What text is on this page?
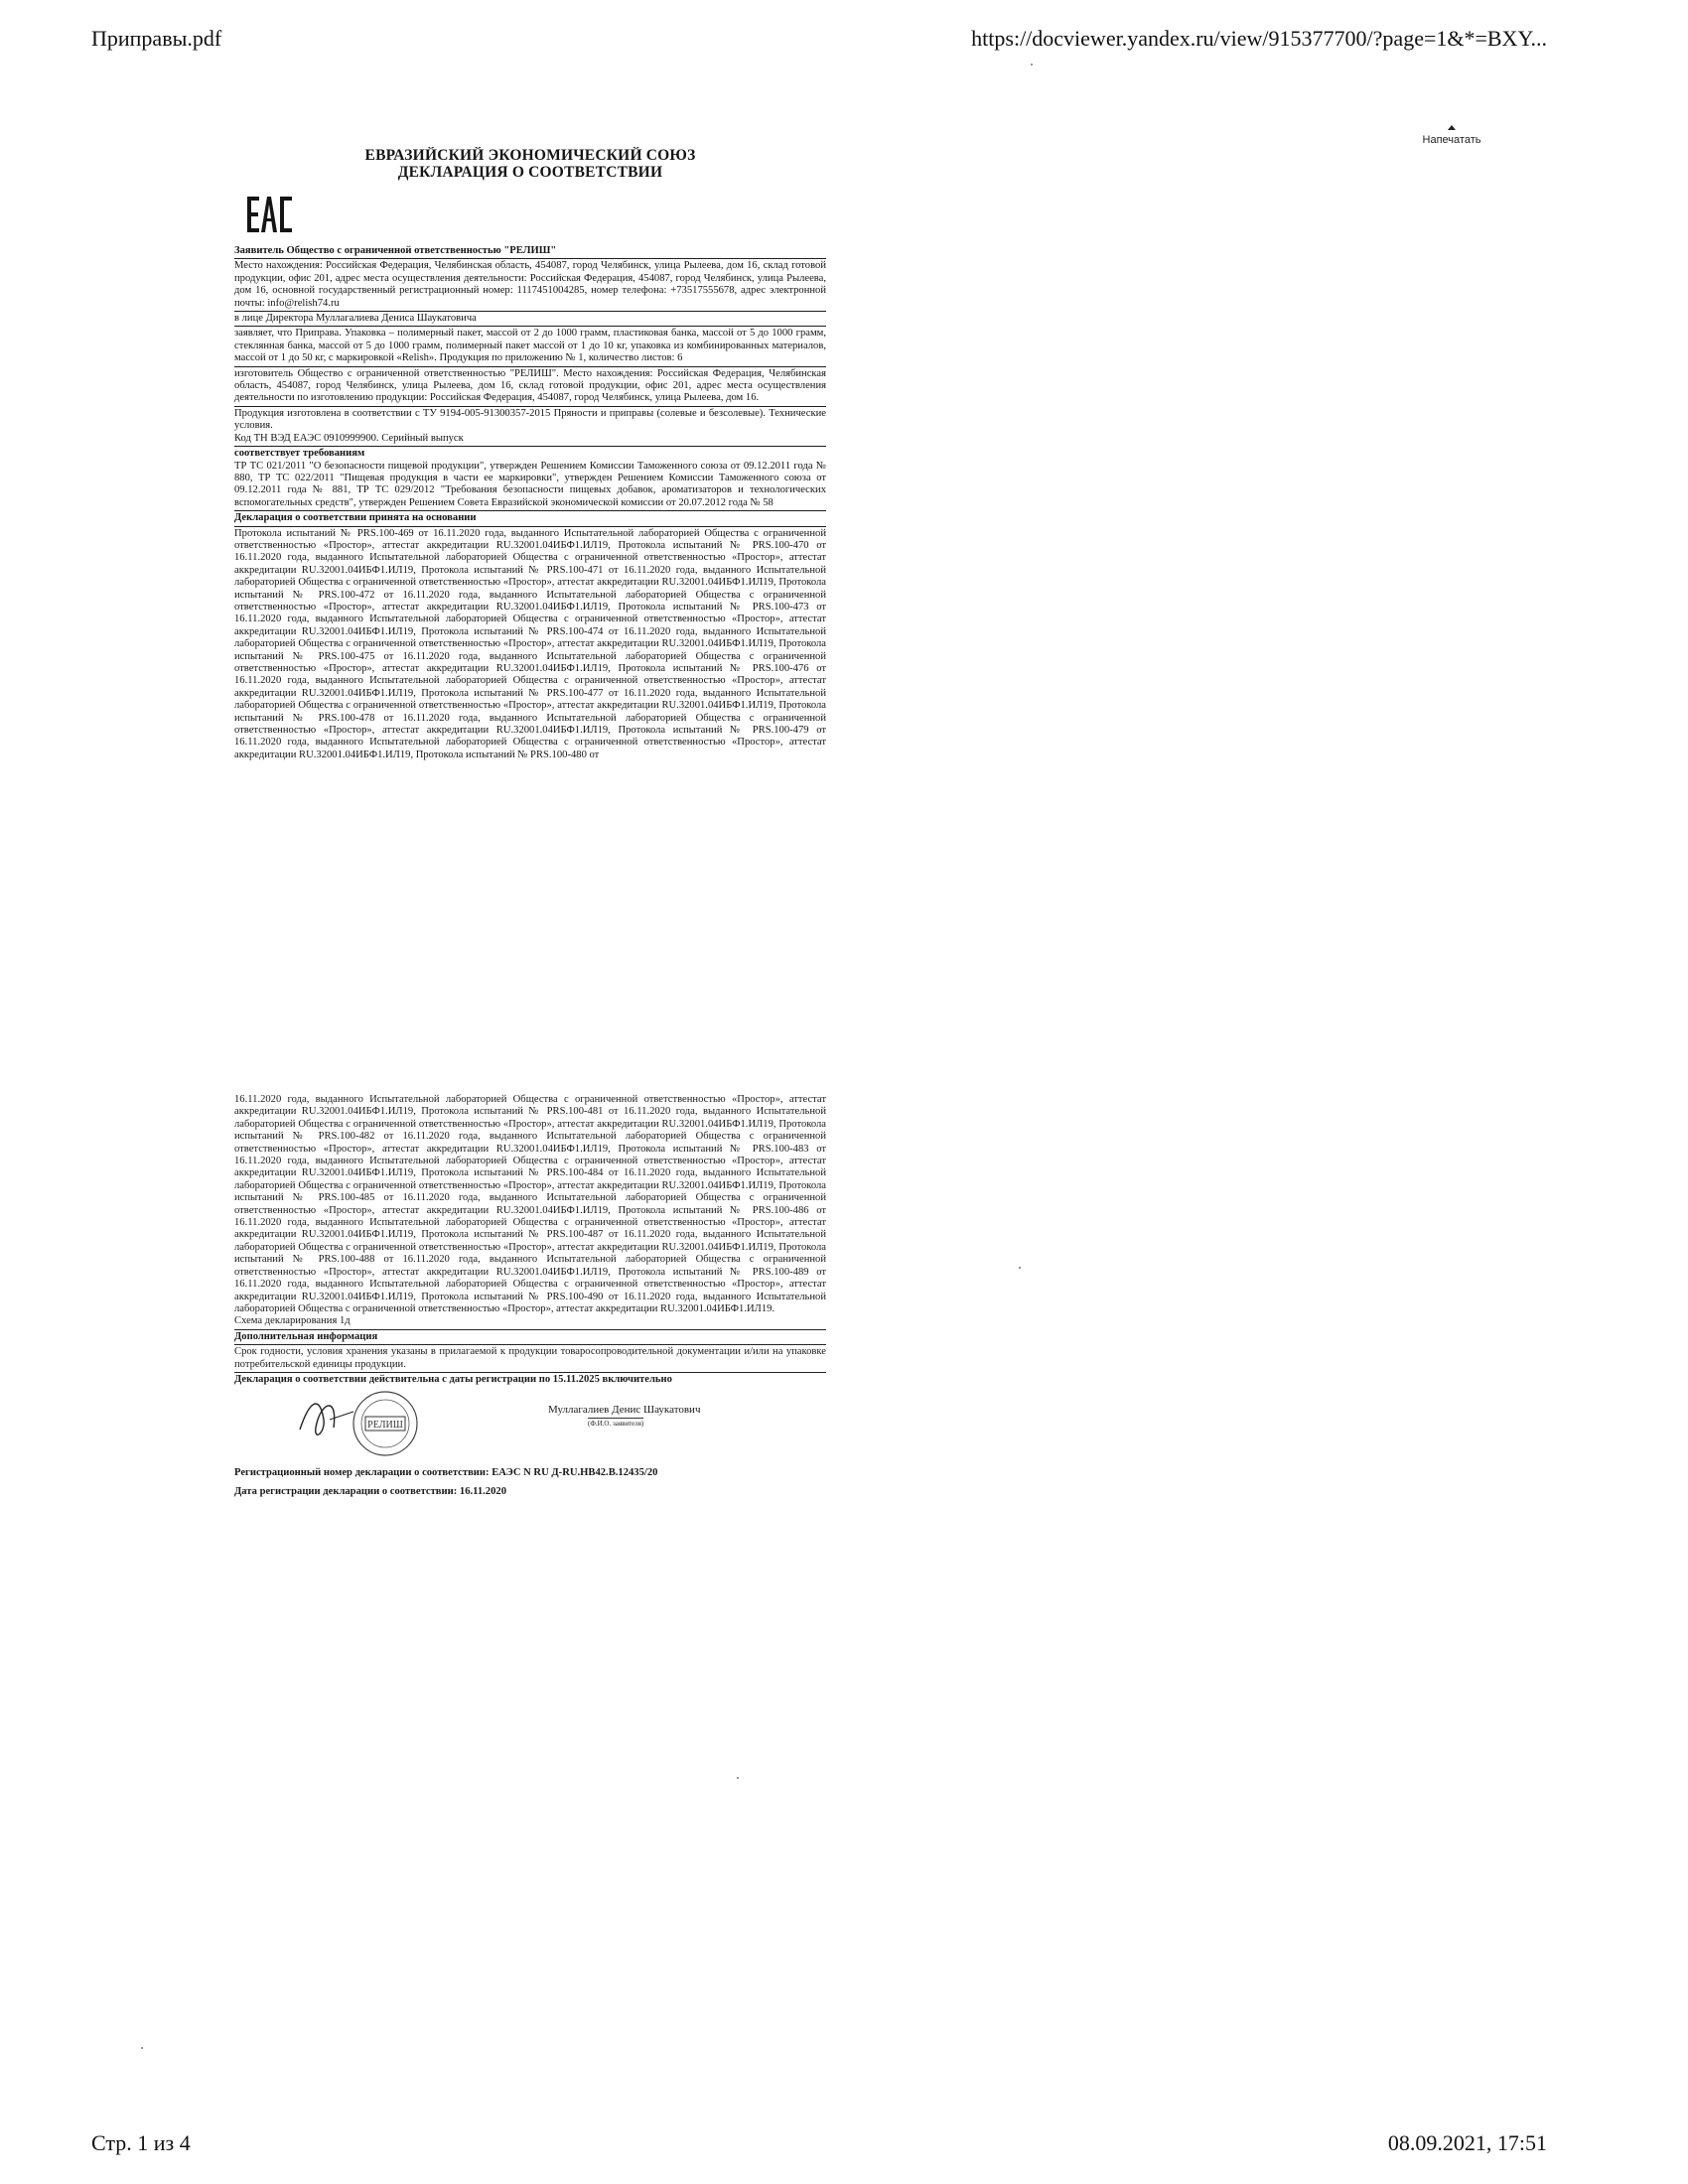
Приправы.pdf	https://docviewer.yandex.ru/view/915377700/?page=1&*=BXY...
Напечатать
ЕВРАЗИЙСКИЙ ЭКОНОМИЧЕСКИЙ СОЮЗ
ДЕКЛАРАЦИЯ О СООТВЕТСТВИИ
Заявитель Общество с ограниченной ответственностью "РЕЛИШ"
Место нахождения: Российская Федерация, Челябинская область, 454087, город Челябинск, улица Рылеева, дом 16, склад готовой продукции, офис 201, адрес места осуществления деятельности: Российская Федерация, 454087, город Челябинск, улица Рылеева, дом 16, основной государственный регистрационный номер: 1117451004285, номер телефона: +73517555678, адрес электронной почты: info@relish74.ru
в лице Директора Муллагалиева Дениса Шаукатовича
заявляет, что Приправа. Упаковка – полимерный пакет, массой от 2 до 1000 грамм, пластиковая банка, массой от 5 до 1000 грамм, стеклянная банка, массой от 5 до 1000 грамм, полимерный пакет массой от 1 до 10 кг, упаковка из комбинированных материалов, массой от 1 до 50 кг, с маркировкой «Relish». Продукция по приложению № 1, количество листов: 6
изготовитель Общество с ограниченной ответственностью "РЕЛИШ". Место нахождения: Российская Федерация, Челябинская область, 454087, город Челябинск, улица Рылеева, дом 16, склад готовой продукции, офис 201, адрес места осуществления деятельности по изготовлению продукции: Российская Федерация, 454087, город Челябинск, улица Рылеева, дом 16.
Продукция изготовлена в соответствии с ТУ 9194-005-91300357-2015 Пряности и приправы (солевые и безсолевые). Технические условия.
Код ТН ВЭД ЕАЭС 0910999900. Серийный выпуск
соответствует требованиям
ТР ТС 021/2011 "О безопасности пищевой продукции", утвержден Решением Комиссии Таможенного союза от 09.12.2011 года № 880, ТР ТС 022/2011 "Пищевая продукция в части ее маркировки", утвержден Решением Комиссии Таможенного союза от 09.12.2011 года № 881, ТР ТС 029/2012 "Требования безопасности пищевых добавок, ароматизаторов и технологических вспомогательных средств", утвержден Решением Совета Евразийской экономической комиссии от 20.07.2012 года № 58
Декларация о соответствии принята на основании
Протокола испытаний № PRS.100-469 от 16.11.2020 года, выданного Испытательной лабораторией Общества с ограниченной ответственностью «Простор», аттестат аккредитации RU.32001.04ИБФ1.ИЛ19, Протокола испытаний № PRS.100-470 от 16.11.2020 года, выданного Испытательной лабораторией Общества с ограниченной ответственностью «Простор», аттестат аккредитации RU.32001.04ИБФ1.ИЛ19, Протокола испытаний № PRS.100-471 от 16.11.2020 года, выданного Испытательной лабораторией Общества с ограниченной ответственностью «Простор», аттестат аккредитации RU.32001.04ИБФ1.ИЛ19, Протокола испытаний № PRS.100-472 от 16.11.2020 года, выданного Испытательной лабораторией Общества с ограниченной ответственностью «Простор», аттестат аккредитации RU.32001.04ИБФ1.ИЛ19, Протокола испытаний № PRS.100-473 от 16.11.2020 года, выданного Испытательной лабораторией Общества с ограниченной ответственностью «Простор», аттестат аккредитации RU.32001.04ИБФ1.ИЛ19, Протокола испытаний № PRS.100-474 от 16.11.2020 года, выданного Испытательной лабораторией Общества с ограниченной ответственностью «Простор», аттестат аккредитации RU.32001.04ИБФ1.ИЛ19, Протокола испытаний № PRS.100-475 от 16.11.2020 года, выданного Испытательной лабораторией Общества с ограниченной ответственностью «Простор», аттестат аккредитации RU.32001.04ИБФ1.ИЛ19, Протокола испытаний № PRS.100-476 от 16.11.2020 года, выданного Испытательной лабораторией Общества с ограниченной ответственностью «Простор», аттестат аккредитации RU.32001.04ИБФ1.ИЛ19, Протокола испытаний № PRS.100-477 от 16.11.2020 года, выданного Испытательной лабораторией Общества с ограниченной ответственностью «Простор», аттестат аккредитации RU.32001.04ИБФ1.ИЛ19, Протокола испытаний № PRS.100-478 от 16.11.2020 года, выданного Испытательной лабораторией Общества с ограниченной ответственностью «Простор», аттестат аккредитации RU.32001.04ИБФ1.ИЛ19, Протокола испытаний № PRS.100-479 от 16.11.2020 года, выданного Испытательной лабораторией Общества с ограниченной ответственностью «Простор», аттестат аккредитации RU.32001.04ИБФ1.ИЛ19, Протокола испытаний № PRS.100-480 от
16.11.2020 года, выданного Испытательной лабораторией Общества с ограниченной ответственностью «Простор», аттестат аккредитации RU.32001.04ИБФ1.ИЛ19, Протокола испытаний № PRS.100-481 от 16.11.2020 года, выданного Испытательной лабораторией Общества с ограниченной ответственностью «Простор», аттестат аккредитации RU.32001.04ИБФ1.ИЛ19, Протокола испытаний № PRS.100-482 от 16.11.2020 года, выданного Испытательной лабораторией Общества с ограниченной ответственностью «Простор», аттестат аккредитации RU.32001.04ИБФ1.ИЛ19, Протокола испытаний № PRS.100-483 от 16.11.2020 года, выданного Испытательной лабораторией Общества с ограниченной ответственностью «Простор», аттестат аккредитации RU.32001.04ИБФ1.ИЛ19, Протокола испытаний № PRS.100-484 от 16.11.2020 года, выданного Испытательной лабораторией Общества с ограниченной ответственностью «Простор», аттестат аккредитации RU.32001.04ИБФ1.ИЛ19, Протокола испытаний № PRS.100-485 от 16.11.2020 года, выданного Испытательной лабораторией Общества с ограниченной ответственностью «Простор», аттестат аккредитации RU.32001.04ИБФ1.ИЛ19, Протокола испытаний № PRS.100-486 от 16.11.2020 года, выданного Испытательной лабораторией Общества с ограниченной ответственностью «Простор», аттестат аккредитации RU.32001.04ИБФ1.ИЛ19, Протокола испытаний № PRS.100-487 от 16.11.2020 года, выданного Испытательной лабораторией Общества с ограниченной ответственностью «Простор», аттестат аккредитации RU.32001.04ИБФ1.ИЛ19, Протокола испытаний № PRS.100-488 от 16.11.2020 года, выданного Испытательной лабораторией Общества с ограниченной ответственностью «Простор», аттестат аккредитации RU.32001.04ИБФ1.ИЛ19, Протокола испытаний № PRS.100-489 от 16.11.2020 года, выданного Испытательной лабораторией Общества с ограниченной ответственностью «Простор», аттестат аккредитации RU.32001.04ИБФ1.ИЛ19, Протокола испытаний № PRS.100-490 от 16.11.2020 года, выданного Испытательной лабораторией Общества с ограниченной ответственностью «Простор», аттестат аккредитации RU.32001.04ИБФ1.ИЛ19.
Схема декларирования 1д
Дополнительная информация
Срок годности, условия хранения указаны в прилагаемой к продукции товаросопроводительной документации и/или на упаковке потребительской единицы продукции.
Декларация о соответствии действительна с даты регистрации по 15.11.2025 включительно
РЕЛИШ
Муллагалиев Денис Шаукатович
(Ф.И.О. заявителя)
Регистрационный номер декларации о соответствии: ЕАЭС N RU Д-RU.НВ42.В.12435/20
Дата регистрации декларации о соответствии: 16.11.2020
Стр. 1 из 4	08.09.2021, 17:51
